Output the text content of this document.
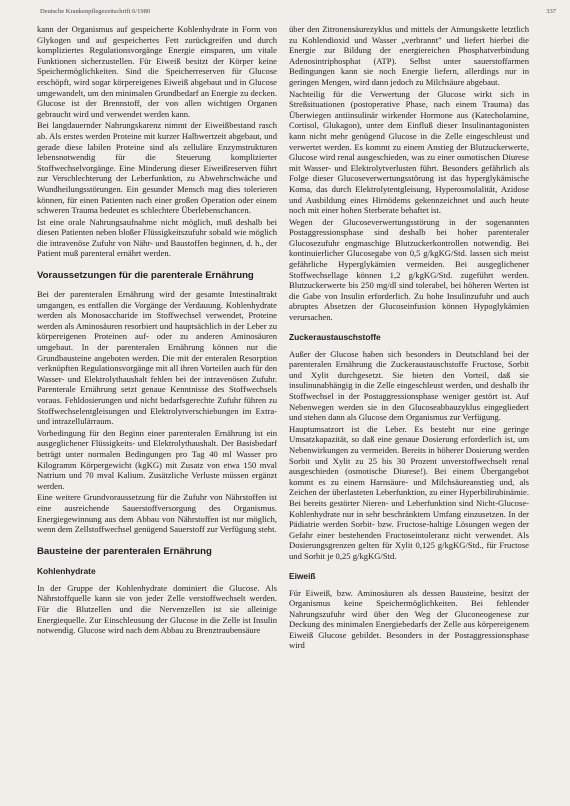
Deutsche Krankenpflegezeitschrift 6/1980	337

kann der Organismus auf gespeicherte Kohlenhydrate in Form von Glykogen und auf gespeichertes Fett zurückgreifen und durch kompliziertes Regulationsvorgänge Energie einsparen, um vitale Funktionen sicherzustellen. Für Eiweiß besitzt der Körper keine Speichermöglichkeiten. Sind die Speicherreserven für Glucose erschöpft, wird sogar körpereigenes Eiweiß abgebaut und in Glucose umgewandelt, um den minimalen Grundbedarf an Energie zu decken. Glucose ist der Brennstoff, der von allen wichtigen Organen gebraucht wird und verwendet werden kann.

Bei langdauernder Nahrungskarenz nimmt der Eiweißbestand rasch ab. Als erstes werden Proteine mit kurzer Halbwertzeit abgebaut, und gerade diese labilen Proteine sind als zelluläre Enzymstrukturen lebensnotwendig für die Steuerung komplizierter Stoffwechselvorgänge. Eine Minderung dieser Eiweißreserven führt zur Verschlechterung der Leberfunktion, zu Abwehrschwäche und Wundheilungsstörungen. Ein gesunder Mensch mag dies tolerieren können, für einen Patienten nach einer großen Operation oder einem schweren Trauma bedeutet es schlechtere Überlebenschancen.

Ist eine orale Nahrungsaufnahme nicht möglich, muß deshalb bei diesen Patienten neben bloßer Flüssigkeitszufuhr sobald wie möglich die intravenöse Zufuhr von Nähr- und Baustoffen beginnen, d. h., der Patient muß parenteral ernährt werden.

Voraussetzungen für die parenterale Ernährung

Bei der parenteralen Ernährung wird der gesamte Intestinaltrakt umgangen, es entfallen die Vorgänge der Verdauung. Kohlenhydrate werden als Monosaccharide im Stoffwechsel verwendet, Proteine werden als Aminosäuren resorbiert und hauptsächlich in der Leber zu körpereigenen Proteinen auf- oder zu anderen Aminosäuren umgebaut. In der parenteralen Ernährung können nur die Grundbausteine angeboten werden. Die mit der enteralen Resorption verknüpften Regulationsvorgänge mit all ihren Vorteilen auch für den Wasser- und Elektrolythaushalt fehlen bei der intravenösen Zufuhr. Parenterale Ernährung setzt genaue Kenntnisse des Stoffwechsels voraus. Fehldosierungen und nicht bedarfsgerechte Zufuhr führen zu Stoffwechselentgleisungen und Elektrolytverschiebungen im Extra- und intrazellulärraum.

Vorbedingung für den Beginn einer parenteralen Ernährung ist ein ausgeglichener Flüssigkeits- und Elektrolythaushalt. Der Basisbedarf beträgt unter normalen Bedingungen pro Tag 40 ml Wasser pro Kilogramm Körpergewicht (kgKG) mit Zusatz von etwa 150 mval Natrium und 70 mval Kalium. Zusätzliche Verluste müssen ergänzt werden.

Eine weitere Grundvoraussetzung für die Zufuhr von Nährstoffen ist eine ausreichende Sauerstoffversorgung des Organismus. Energiegewinnung aus dem Abbau von Nährstoffen ist nur möglich, wenn dem Zellstoffwechsel genügend Sauerstoff zur Verfügung steht.

Bausteine der parenteralen Ernährung
Kohlenhydrate

In der Gruppe der Kohlenhydrate dominiert die Glucose. Als Nährstoffquelle kann sie von jeder Zelle verstoffwechselt werden. Für die Blutzellen und die Nervenzellen ist sie alleinige Energiequelle. Zur Einschleusung der Glucose in die Zelle ist Insulin notwendig. Glucose wird nach dem Abbau zu Brenztraubensäure

über den Zitronensäurezyklus und mittels der Atmungskette letztlich zu Kohlendioxid und Wasser „verbrannt" und liefert hierbei die Energie zur Bildung der energiereichen Phosphatverbindung Adenosintriphosphat (ATP). Selbst unter sauerstoffarmen Bedingungen kann sie noch Energie liefern, allerdings nur in geringen Mengen, wird dann jedoch zu Milchsäure abgebaut.

Nachteilig für die Verwertung der Glucose wirkt sich in Streßsituationen (postoperative Phase, nach einem Trauma) das Überwiegen antiinsulinär wirkender Hormone aus (Katecholamine, Cortisol, Glukagon), unter dem Einfluß dieser Insulinantagonisten kann nicht mehr genügend Glucose in die Zelle eingeschleust und verwertet werden. Es kommt zu einem Anstieg der Blutzuckerwerte, Glucose wird renal ausgeschieden, was zu einer osmotischen Diurese mit Wasser- und Elektrolytverlusten führt. Besonders gefährlich als Folge dieser Glucoseverwertungsstörung ist das hyperglykämische Koma, das durch Elektrolytentgleisung, Hyperosmolalität, Azidose und Ausbildung eines Hirnödems gekennzeichnet und auch heute noch mit einer hohen Sterberate behaftet ist.

Wegen der Glucoseverwertungsstörung in der sogenannten Postaggressionsphase sind deshalb bei hoher parenteraler Glucosezufuhr engmaschige Blutzuckerkontrollen notwendig. Bei kontinuierlicher Glucosegabe von 0,5 g/kgKG/Std. lassen sich meist gefährliche Hyperglykämien vermeiden. Bei ausgeglichener Stoffwechsellage können 1,2 g/kgKG/Std. zugeführt werden. Blutzuckerwerte bis 250 mg/dl sind tolerabel, bei höheren Werten ist die Gabe von Insulin erforderlich. Zu hohe Insulinzufuhr und auch abruptes Absetzen der Glucoseinfusion können Hypoglykämien verursachen.

Zuckeraustauschstoffe

Außer der Glucose haben sich besonders in Deutschland bei der parenteralen Ernährung die Zuckeraustauschstoffe Fructose, Sorbit und Xylit durchgesetzt. Sie bieten den Vorteil, daß sie insulinunabhängig in die Zelle eingeschleust werden, und deshalb ihr Stoffwechsel in der Postaggressionsphase weniger gestört ist. Auf Nebenwegen werden sie in den Glucoseabbauzyklus eingegliedert und stehen dann als Glucose dem Organismus zur Verfügung.

Hauptumsatzort ist die Leber. Es besteht nur eine geringe Umsatzkapazität, so daß eine genaue Dosierung erforderlich ist, um Nebenwirkungen zu vermeiden. Bereits in höherer Dosierung werden Sorbit und Xylit zu 25 bis 30 Prozent unverstoffwechselt renal ausgeschieden (osmotische Diurese!). Bei einem Übergangebot kommt es zu einem Harnsäure- und Milchsäureanstieg und, als Zeichen der überlasteten Leberfunktion, zu einer Hyperbilirubinämie. Bei bereits gestörter Nieren- und Leberfunktion sind Nicht-Glucose-Kohlenhydrate nur in sehr beschränktem Umfang einzusetzen. In der Pädiatrie werden Sorbit- bzw. Fructose-haltige Lösungen wegen der Gefahr einer bestehenden Fructoseintoleranz nicht verwendet. Als Dosierungsgrenzen gelten für Xylit 0,125 g/kgKG/Std., für Fructose und Sorbit je 0,25 g/kgKG/Std.

Eiweiß

Für Eiweiß, bzw. Aminosäuren als dessen Bausteine, besitzt der Organismus keine Speichermöglichkeiten. Bei fehlender Nahrungszufuhr wird über den Weg der Gluconeogenese zur Deckung des minimalen Energiebedarfs der Zelle aus körpereigenem Eiweiß Glucose gebildet. Besonders in der Postaggressionsphase wird
